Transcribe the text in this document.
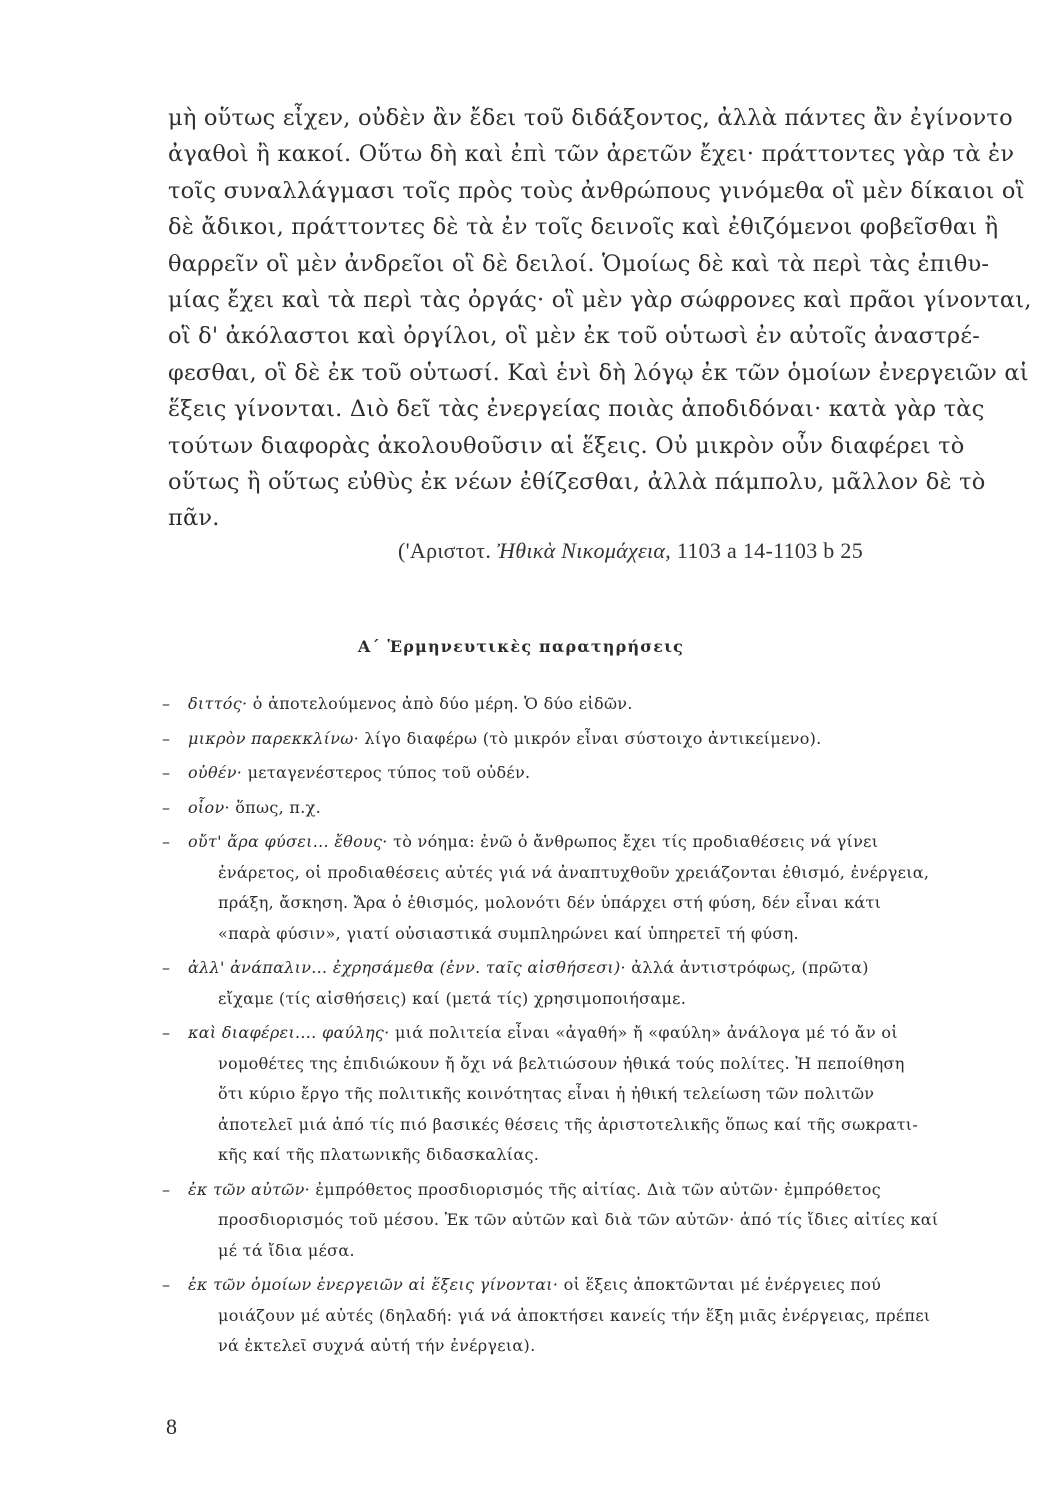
μὴ οὕτως εἶχεν, οὐδὲν ἂν ἔδει τοῦ διδάξοντος, ἀλλὰ πάντες ἂν ἐγίνοντο
ἀγαθοὶ ἢ κακοί. Οὕτω δὴ καὶ ἐπὶ τῶν ἀρετῶν ἔχει· πράττοντες γὰρ τὰ ἐν
τοῖς συναλλάγμασι τοῖς πρὸς τοὺς ἀνθρώπους γινόμεθα οἳ μὲν δίκαιοι οἳ
δὲ ἄδικοι, πράττοντες δὲ τὰ ἐν τοῖς δεινοῖς καὶ ἐθιζόμενοι φοβεῖσθαι ἢ
θαρρεῖν οἳ μὲν ἀνδρεῖοι οἳ δὲ δειλοί. Ὁμοίως δὲ καὶ τὰ περὶ τὰς ἐπιθυ-
μίας ἔχει καὶ τὰ περὶ τὰς ὀργάς· οἳ μὲν γὰρ σώφρονες καὶ πρᾶοι γίνονται,
οἳ δ' ἀκόλαστοι καὶ ὀργίλοι, οἳ μὲν ἐκ τοῦ οὑτωσὶ ἐν αὐτοῖς ἀναστρέ-
φεσθαι, οἳ δὲ ἐκ τοῦ οὑτωσί. Καὶ ἑνὶ δὴ λόγῳ ἐκ τῶν ὁμοίων ἐνεργειῶν αἱ
ἕξεις γίνονται. Διὸ δεῖ τὰς ἐνεργείας ποιὰς ἀποδιδόναι· κατὰ γὰρ τὰς
τούτων διαφορὰς ἀκολουθοῦσιν αἱ ἕξεις. Οὐ μικρὸν οὖν διαφέρει τὸ
οὕτως ἢ οὕτως εὐθὺς ἐκ νέων ἐθίζεσθαι, ἀλλὰ πάμπολυ, μᾶλλον δὲ τὸ
πᾶν.
('Αριστοτ. Ἠθικὰ Νικομάχεια, 1103 a 14-1103 b 25
Α΄ Ἑρμηνευτικὲς παρατηρήσεις
– διττός· ὁ ἀποτελούμενος ἀπὸ δύο μέρη. Ὁ δύο εἰδῶν.
– μικρὸν παρεκκλίνω· λίγο διαφέρω (τὸ μικρόν εἶναι σύστοιχο ἀντικείμενο).
– οὐθέν· μεταγενέστερος τύπος τοῦ οὐδέν.
– οἷον· ὅπως, π.χ.
– οὔτ' ἄρα φύσει... ἔθους· τὸ νόημα: ἐνῶ ὁ ἄνθρωπος ἔχει τίς προδιαθέσεις νά γίνει
ἐνάρετος, οἱ προδιαθέσεις αὐτές γιά νά ἀναπτυχθοῦν χρειάζονται ἐθισμό, ἐνέργεια,
πράξη, ἄσκηση. Ἄρα ὁ ἐθισμός, μολονότι δέν ὑπάρχει στή φύση, δέν εἶναι κάτι
«παρὰ φύσιν», γιατί οὐσιαστικά συμπληρώνει καί ὑπηρετεῖ τή φύση.
– ἀλλ' ἀνάπαλιν... ἐχρησάμεθα (ἐνν. ταῖς αἰσθήσεσι)· ἀλλά ἀντιστρόφως, (πρῶτα)
εἴχαμε (τίς αἰσθήσεις) καί (μετά τίς) χρησιμοποιήσαμε.
– καὶ διαφέρει.... φαύλης· μιά πολιτεία εἶναι «ἀγαθή» ἤ «φαύλη» ἀνάλογα μέ τό ἄν οἱ
νομοθέτες της ἐπιδιώκουν ἤ ὄχι νά βελτιώσουν ἠθικά τούς πολίτες. Ἡ πεποίθηση
ὅτι κύριο ἔργο τῆς πολιτικῆς κοινότητας εἶναι ἡ ἠθική τελείωση τῶν πολιτῶν
ἀποτελεῖ μιά ἀπό τίς πιό βασικές θέσεις τῆς ἀριστοτελικῆς ὅπως καί τῆς σωκρατι-
κῆς καί τῆς πλατωνικῆς διδασκαλίας.
– ἐκ τῶν αὐτῶν· ἐμπρόθετος προσδιορισμός τῆς αἰτίας. Διὰ τῶν αὐτῶν· ἐμπρόθετος
προσδιορισμός τοῦ μέσου. Ἐκ τῶν αὐτῶν καὶ διὰ τῶν αὐτῶν· ἀπό τίς ἴδιες αἰτίες καί
μέ τά ἴδια μέσα.
– ἐκ τῶν ὁμοίων ἐνεργειῶν αἱ ἕξεις γίνονται· οἱ ἕξεις ἀποκτῶνται μέ ἐνέργειες πού
μοιάζουν μέ αὐτές (δηλαδή: γιά νά ἀποκτήσει κανείς τήν ἕξη μιᾶς ἐνέργειας, πρέπει
νά ἐκτελεῖ συχνά αὐτή τήν ἐνέργεια).
8
